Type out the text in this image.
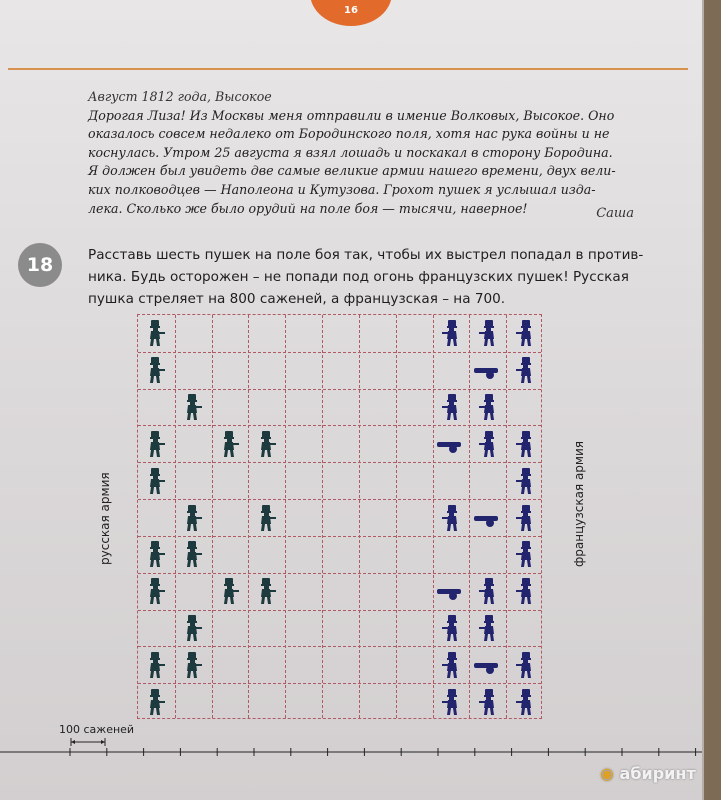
16
Август 1812 года, Высокое
Дорогая Лиза! Из Москвы меня отправили в имение Волковых, Высокое. Оно
оказалось совсем недалеко от Бородинского поля, хотя нас рука войны и не
коснулась. Утром 25 августа я взял лошадь и поскакал в сторону Бородина.
Я должен был увидеть две самые великие армии нашего времени, двух вели-
ких полководцев — Наполеона и Кутузова. Грохот пушек я услышал изда-
лека. Сколько же было орудий на поле боя — тысячи, наверное!	Саша
18	Расставь шесть пушек на поле боя так, чтобы их выстрел попадал в против-
ника. Будь осторожен – не попади под огонь французских пушек! Русская
пушка стреляет на 800 саженей, а французская – на 700.
русская армия	французская армия
100 саженей
◉ абиринт
